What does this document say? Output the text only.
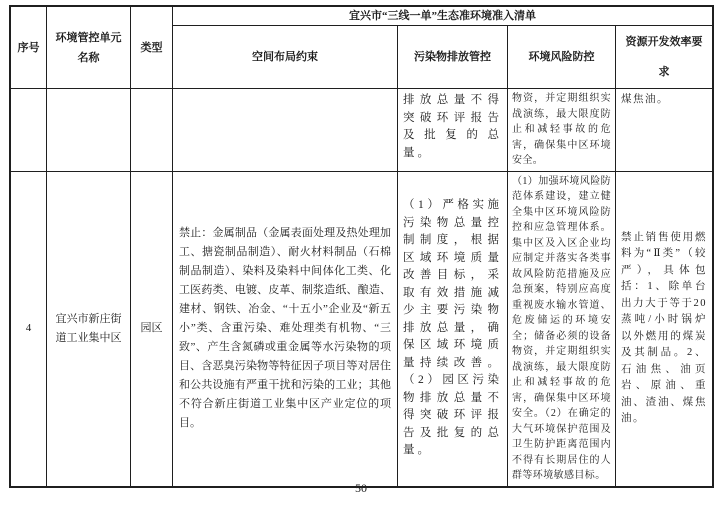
序号	环境管控单元名称	类型	宜兴市“三线一单”生态准环境准入清单			
			空间布局约束	污染物排放管控	环境风险防控	资源开发效率要求
				排放总量不得突破环评报告及批复的总量。	物资，并定期组织实战演练，最大限度防止和减轻事故的危害，确保集中区环境安全。	煤焦油。
4	宜兴市新庄街道工业集中区	园区	禁止：金属制品（金属表面处理及热处理加工、搪瓷制品制造）、耐火材料制品（石棉制品制造）、染料及染料中间体化工类、化工医药类、电镀、皮革、制浆造纸、酿造、建材、钢铁、冶金、“十五小”企业及“新五小”类、含重污染、难处理类有机物、“三致”、产生含氮磷或重金属等水污染物的项目、含恶臭污染物等特征因子项目等对居住和公共设施有严重干扰和污染的工业；其他不符合新庄街道工业集中区产业定位的项目。	（1）严格实施污染物总量控制制度，根据区域环境质量改善目标，采取有效措施减少主要污染物排放总量，确保区域环境质量持续改善。（2）园区污染物排放总量不得突破环评报告及批复的总量。	（1）加强环境风险防范体系建设，建立健全集中区环境风险防控和应急管理体系。集中区及入区企业均应制定并落实各类事故风险防范措施及应急预案，特别应高度重视废水输水管道、危废储运的环境安全；储备必须的设备物资，并定期组织实战演练，最大限度防止和减轻事故的危害，确保集中区环境安全。（2）在确定的大气环境保护范围及卫生防护距离范围内不得有长期居住的人群等环境敏感目标。	禁止销售使用燃料为“Ⅱ类”（较严），具体包括：1、除单台出力大于等于20蒸吨/小时锅炉以外燃用的煤炭及其制品。2、石油焦、油页岩、原油、重油、渣油、煤焦油。
50
